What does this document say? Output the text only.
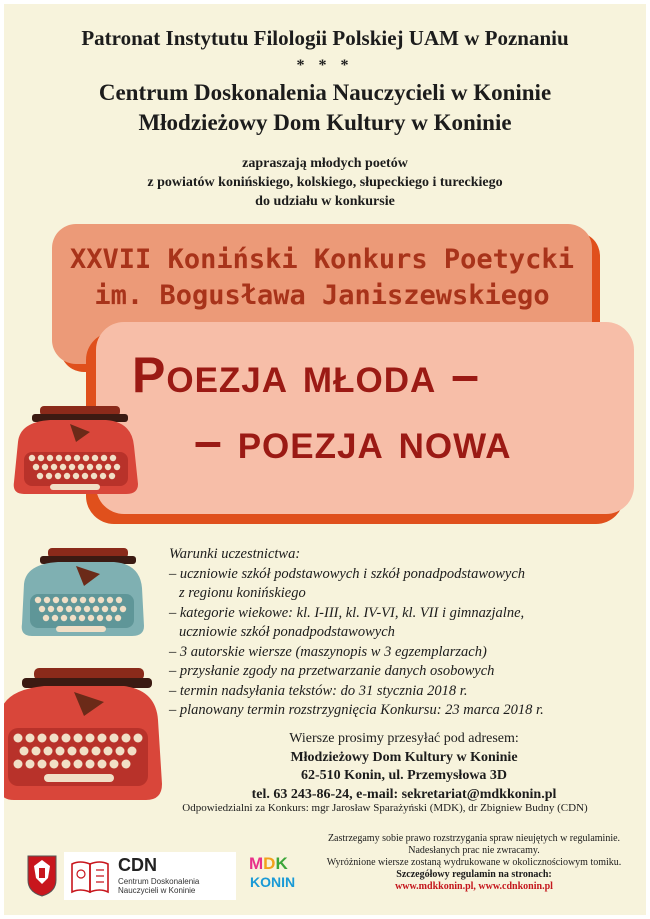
Patronat Instytutu Filologii Polskiej UAM w Poznaniu
* * *
Centrum Doskonalenia Nauczycieli w Koninie
Młodzieżowy Dom Kultury w Koninie
zapraszają młodych poetów
z powiatów konińskiego, kolskiego, słupeckiego i tureckiego
do udziału w konkursie
XXVII Koniński Konkurs Poetycki
im. Bogusława Janiszewskiego
Poezja młoda –
– poezja nowa
Warunki uczestnictwa:
– uczniowie szkół podstawowych i szkół ponadpodstawowych
z regionu konińskiego
– kategorie wiekowe: kl. I-III, kl. IV-VI, kl. VII i gimnazjalne,
uczniowie szkół ponadpodstawowych
– 3 autorskie wiersze (maszynopis w 3 egzemplarzach)
– przysłanie zgody na przetwarzanie danych osobowych
– termin nadsyłania tekstów: do 31 stycznia 2018 r.
– planowany termin rozstrzygnięcia Konkursu: 23 marca 2018 r.
Wiersze prosimy przesyłać pod adresem:
Młodzieżowy Dom Kultury w Koninie
62-510 Konin, ul. Przemysłowa 3D
tel. 63 243-86-24, e-mail: sekretariat@mdkkonin.pl
Odpowiedzialni za Konkurs: mgr Jarosław Sparażyński (MDK), dr Zbigniew Budny (CDN)
Zastrzegamy sobie prawo rozstrzygania spraw nieujętych w regulaminie.
Nadesłanych prac nie zwracamy.
Wyróżnione wiersze zostaną wydrukowane w okolicznościowym tomiku.
Szczegółowy regulamin na stronach:
www.mdkkonin.pl, www.cdnkonin.pl
CDN
Centrum Doskonalenia Nauczycieli w Koninie
MDK
KONIN
